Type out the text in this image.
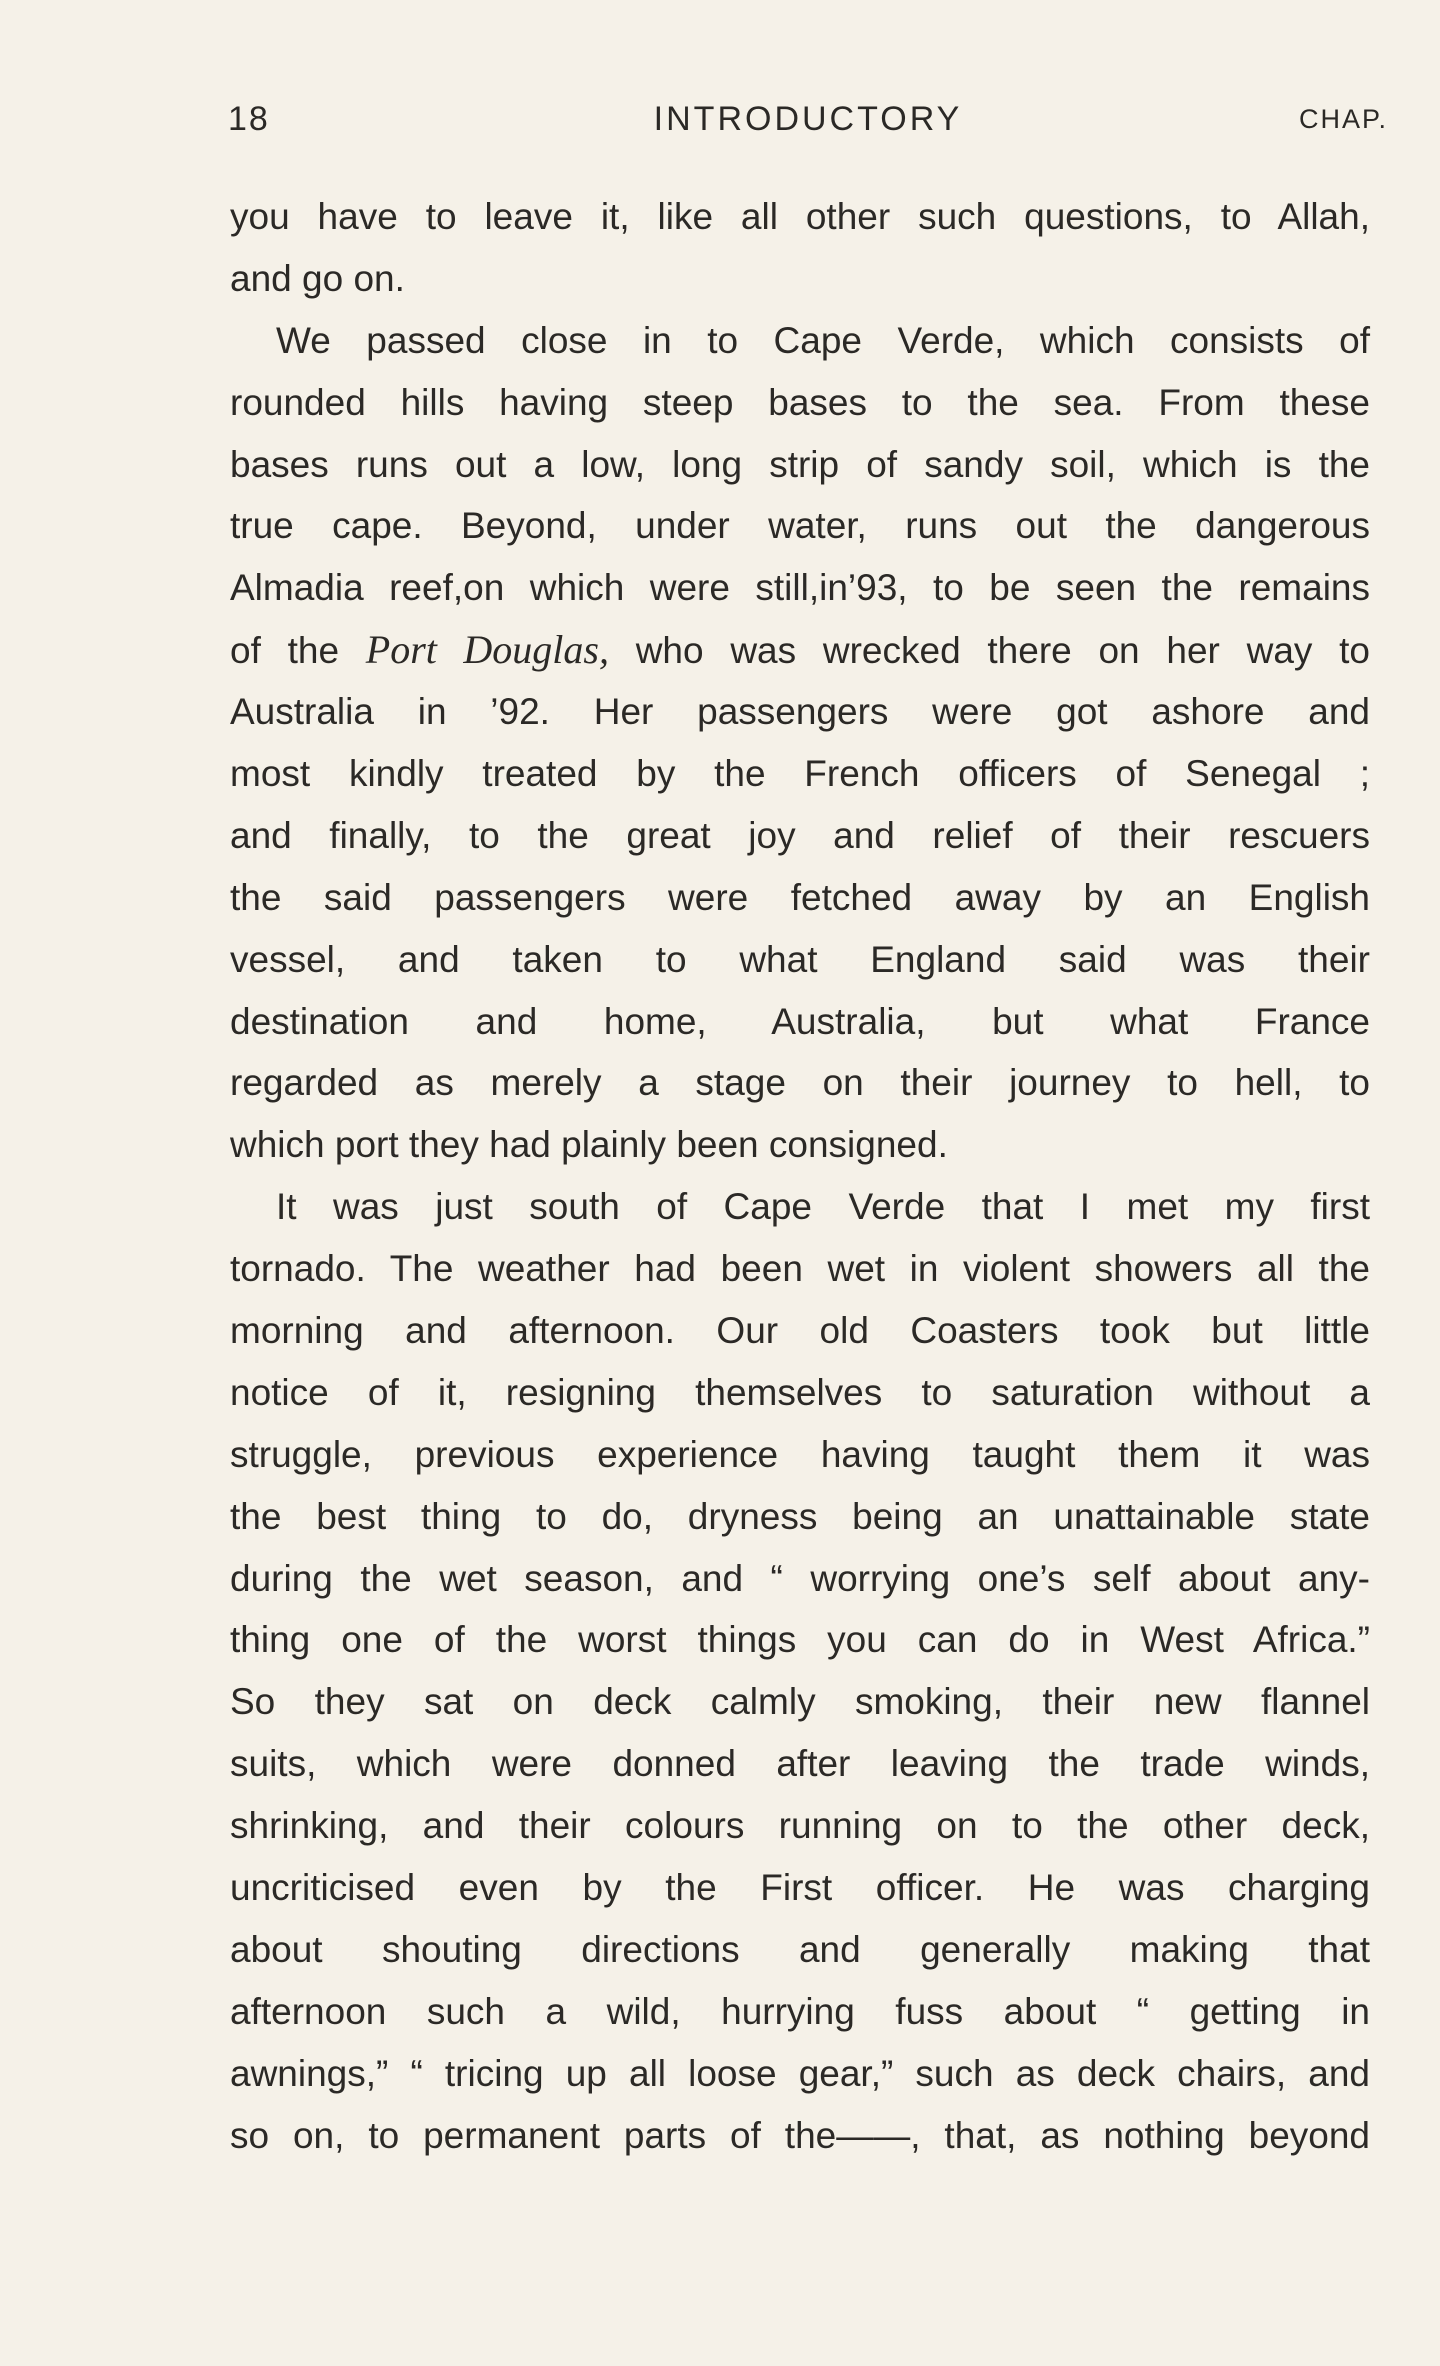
18	INTRODUCTORY	CHAP.
you have to leave it, like all other such questions, to Allah,
and go on.
We passed close in to Cape Verde, which consists of
rounded hills having steep bases to the sea. From these
bases runs out a low, long strip of sandy soil, which is the
true cape. Beyond, under water, runs out the dangerous
Almadia reef,on which were still,in’93, to be seen the remains
of the Port Douglas, who was wrecked there on her way to
Australia in ’92. Her passengers were got ashore and
most kindly treated by the French officers of Senegal ;
and finally, to the great joy and relief of their rescuers
the said passengers were fetched away by an English
vessel, and taken to what England said was their
destination and home, Australia, but what France
regarded as merely a stage on their journey to hell, to
which port they had plainly been consigned.
It was just south of Cape Verde that I met my first
tornado. The weather had been wet in violent showers all the
morning and afternoon. Our old Coasters took but little
notice of it, resigning themselves to saturation without a
struggle, previous experience having taught them it was
the best thing to do, dryness being an unattainable state
during the wet season, and “ worrying one’s self about any-
thing one of the worst things you can do in West Africa.”
So they sat on deck calmly smoking, their new flannel
suits, which were donned after leaving the trade winds,
shrinking, and their colours running on to the other deck,
uncriticised even by the First officer. He was charging
about shouting directions and generally making that
afternoon such a wild, hurrying fuss about “ getting in
awnings,” “ tricing up all loose gear,” such as deck chairs, and
so on, to permanent parts of the——, that, as nothing beyond
